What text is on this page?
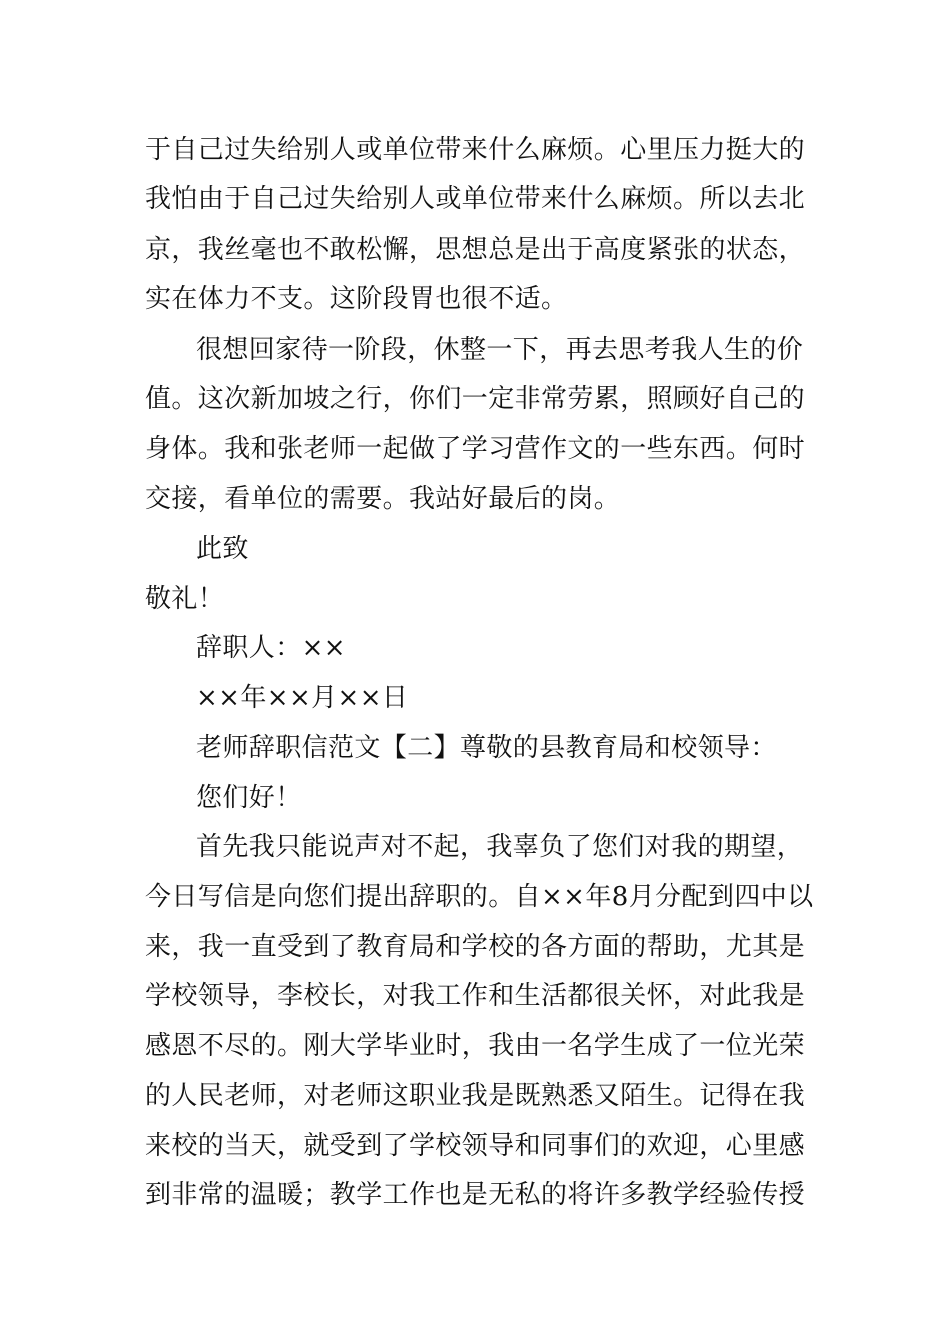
于自己过失给别人或单位带来什么麻烦。心里压力挺大的
我怕由于自己过失给别人或单位带来什么麻烦。所以去北
京，我丝毫也不敢松懈，思想总是出于高度紧张的状态，
实在体力不支。这阶段胃也很不适。
很想回家待一阶段，休整一下，再去思考我人生的价
值。这次新加坡之行，你们一定非常劳累，照顾好自己的
身体。我和张老师一起做了学习营作文的一些东西。何时
交接，看单位的需要。我站好最后的岗。
此致
敬礼！
辞职人：××
××年××月××日
老师辞职信范文【二】尊敬的县教育局和校领导：
您们好！
首先我只能说声对不起，我辜负了您们对我的期望，
今日写信是向您们提出辞职的。自××年8月分配到四中以
来，我一直受到了教育局和学校的各方面的帮助，尤其是
学校领导，李校长，对我工作和生活都很关怀，对此我是
感恩不尽的。刚大学毕业时，我由一名学生成了一位光荣
的人民老师，对老师这职业我是既熟悉又陌生。记得在我
来校的当天，就受到了学校领导和同事们的欢迎，心里感
到非常的温暖；教学工作也是无私的将许多教学经验传授
